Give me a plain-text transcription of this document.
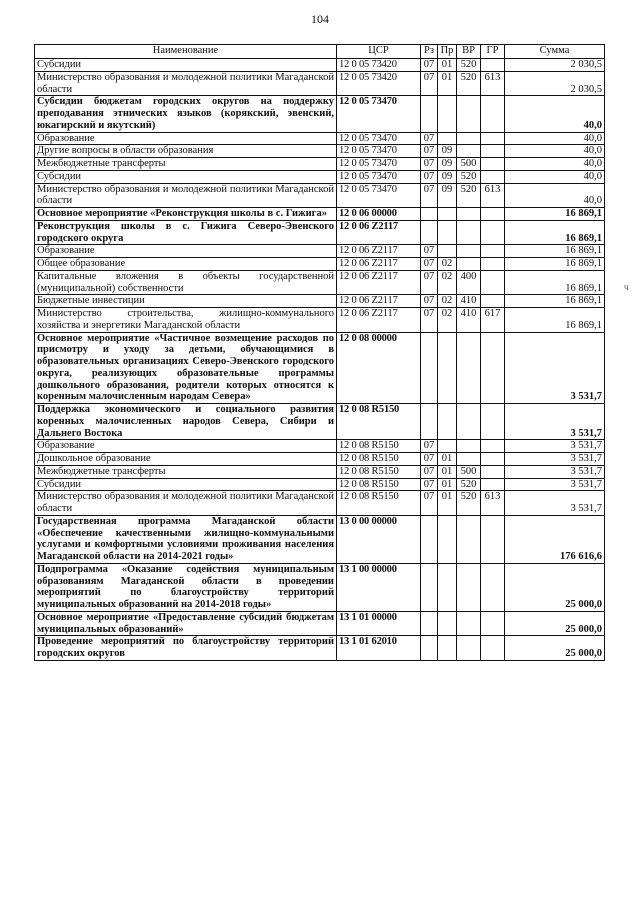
104
ч
Наименование	ЦСР	Рз	Пр	ВР	ГР	Сумма
Субсидии	12 0 05 73420	07	01	520		2 030,5
Министерство образования и молодежной политики Магаданской области	12 0 05 73420	07	01	520	613	2 030,5
Субсидии бюджетам городских округов на поддержку преподавания этнических языков (корякский, эвенский, юкагирский и якутский)	12 0 05 73470					40,0
Образование	12 0 05 73470	07				40,0
Другие вопросы в области образования	12 0 05 73470	07	09			40,0
Межбюджетные трансферты	12 0 05 73470	07	09	500		40,0
Субсидии	12 0 05 73470	07	09	520		40,0
Министерство образования и молодежной политики Магаданской области	12 0 05 73470	07	09	520	613	40,0
Основное мероприятие «Реконструкция школы в с. Гижига»	12 0 06 00000					16 869,1
Реконструкция школы в с. Гижига Северо-Эвенского городского округа	12 0 06 Z2117					16 869,1
Образование	12 0 06 Z2117	07				16 869,1
Общее образование	12 0 06 Z2117	07	02			16 869,1
Капитальные вложения в объекты государственной (муниципальной) собственности	12 0 06 Z2117	07	02	400		16 869,1
Бюджетные инвестиции	12 0 06 Z2117	07	02	410		16 869,1
Министерство строительства, жилищно-коммунального хозяйства и энергетики Магаданской области	12 0 06 Z2117	07	02	410	617	16 869,1
Основное мероприятие «Частичное возмещение расходов по присмотру и уходу за детьми, обучающимися в образовательных организациях Северо-Эвенского городского округа, реализующих образовательные программы дошкольного образования, родители которых относятся к коренным малочисленным народам Севера»	12 0 08 00000					3 531,7
Поддержка экономического и социального развития коренных малочисленных народов Севера, Сибири и Дальнего Востока	12 0 08 R5150					3 531,7
Образование	12 0 08 R5150	07				3 531,7
Дошкольное образование	12 0 08 R5150	07	01			3 531,7
Межбюджетные трансферты	12 0 08 R5150	07	01	500		3 531,7
Субсидии	12 0 08 R5150	07	01	520		3 531,7
Министерство образования и молодежной политики Магаданской области	12 0 08 R5150	07	01	520	613	3 531,7
Государственная программа Магаданской области «Обеспечение качественными жилищно-коммунальными услугами и комфортными условиями проживания населения Магаданской области на 2014-2021 годы»	13 0 00 00000					176 616,6
Подпрограмма «Оказание содействия муниципальным образованиям Магаданской области в проведении мероприятий по благоустройству территорий муниципальных образований на 2014-2018 годы»	13 1 00 00000					25 000,0
Основное мероприятие «Предоставление субсидий бюджетам муниципальных образований»	13 1 01 00000					25 000,0
Проведение мероприятий по благоустройству территорий городских округов	13 1 01 62010					25 000,0
